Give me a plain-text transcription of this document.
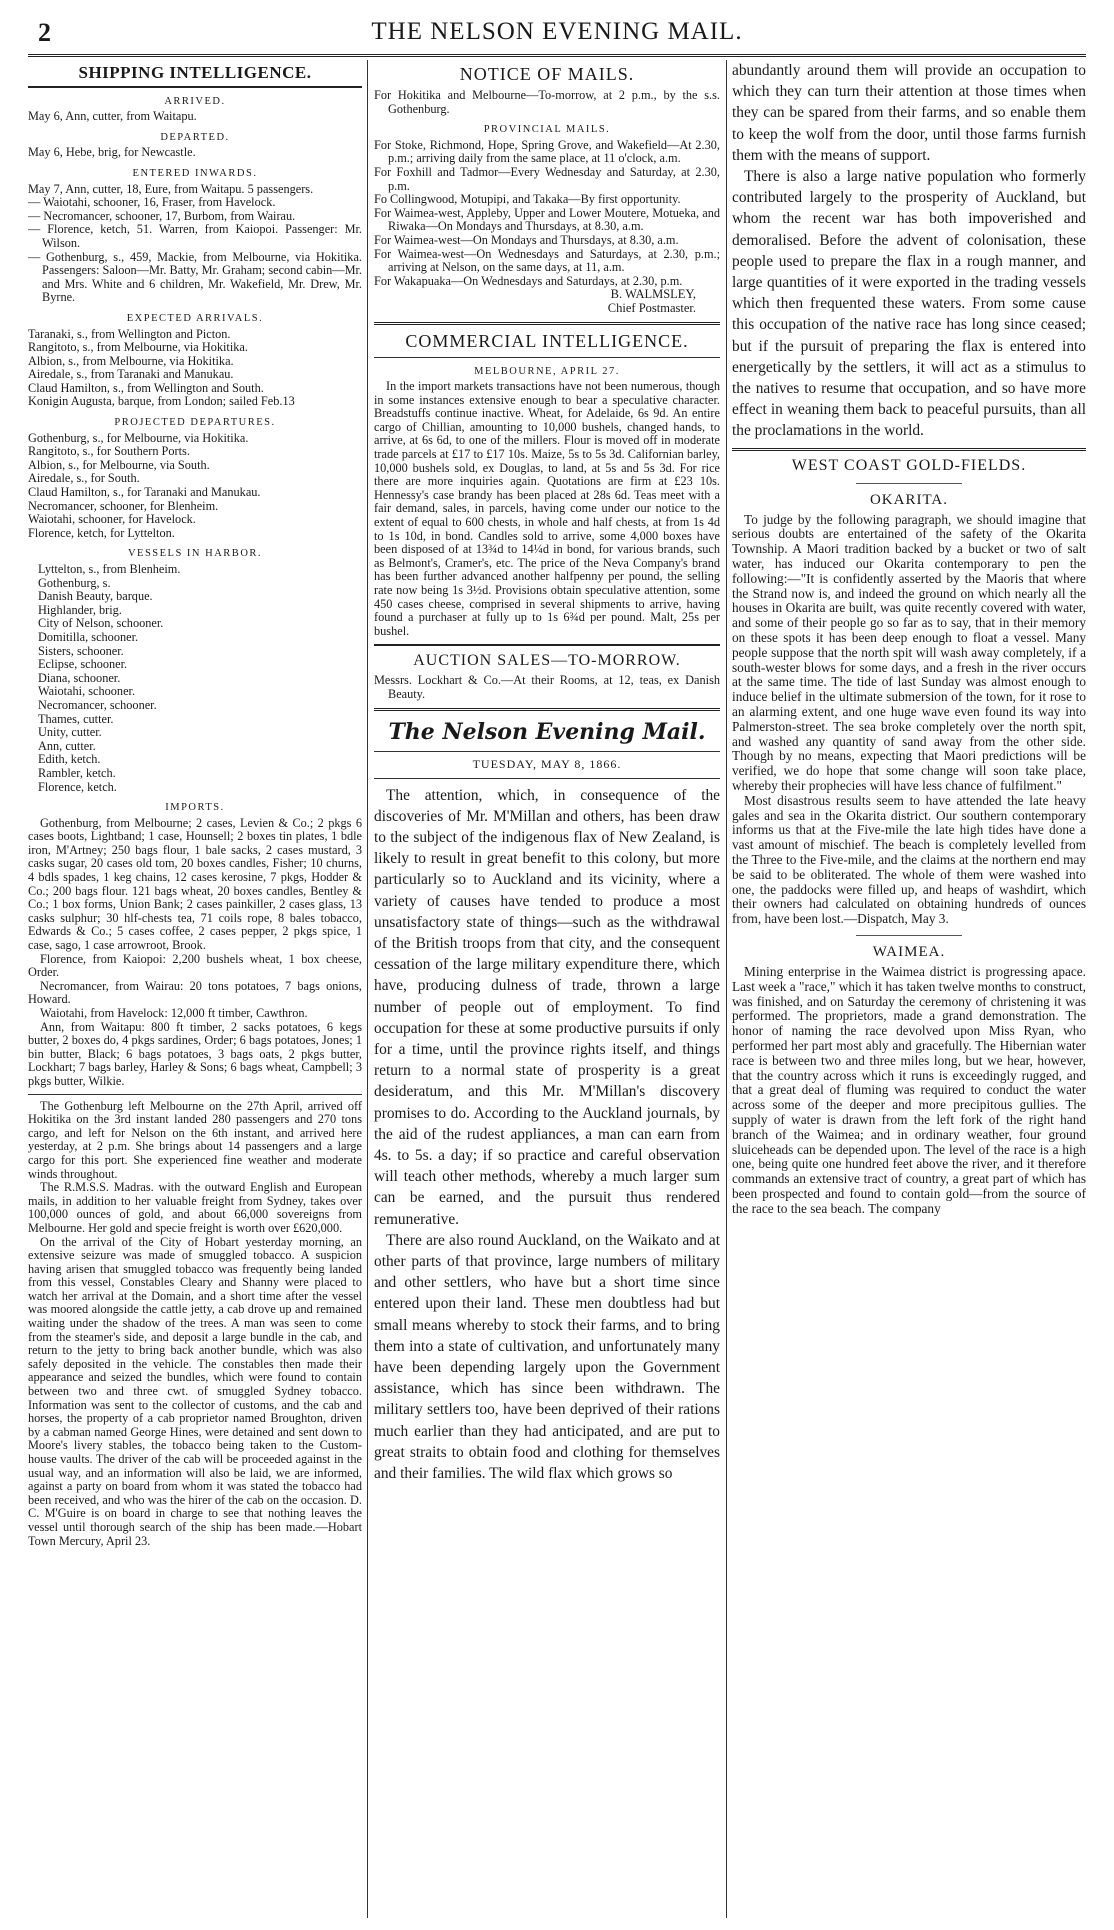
2	THE NELSON EVENING MAIL.
SHIPPING INTELLIGENCE.
ARRIVED.

May 6, Ann, cutter, from Waitapu.

DEPARTED.

May 6, Hebe, brig, for Newcastle.

ENTERED INWARDS.

May 7, Ann, cutter, 18, Eure, from Waitapu. 5 passengers.

— Waiotahi, schooner, 16, Fraser, from Havelock.

— Necromancer, schooner, 17, Burbom, from Wairau.

— Florence, ketch, 51. Warren, from Kaiopoi. Passenger: Mr. Wilson.

— Gothenburg, s., 459, Mackie, from Melbourne, via Hokitika. Passengers: Saloon—Mr. Batty, Mr. Graham; second cabin—Mr. and Mrs. White and 6 children, Mr. Wakefield, Mr. Drew, Mr. Byrne.

EXPECTED ARRIVALS.

Taranaki, s., from Wellington and Picton.

Rangitoto, s., from Melbourne, via Hokitika.

Albion, s., from Melbourne, via Hokitika.

Airedale, s., from Taranaki and Manukau.

Claud Hamilton, s., from Wellington and South.

Konigin Augusta, barque, from London; sailed Feb.13

PROJECTED DEPARTURES.

Gothenburg, s., for Melbourne, via Hokitika.

Rangitoto, s., for Southern Ports.

Albion, s., for Melbourne, via South.

Airedale, s., for South.

Claud Hamilton, s., for Taranaki and Manukau.

Necromancer, schooner, for Blenheim.

Waiotahi, schooner, for Havelock.

Florence, ketch, for Lyttelton.

VESSELS IN HARBOR.

Lyttelton, s., from Blenheim.

Gothenburg, s.

Danish Beauty, barque.

Highlander, brig.

City of Nelson, schooner.

Domitilla, schooner.

Sisters, schooner.

Eclipse, schooner.

Diana, schooner.

Waiotahi, schooner.

Necromancer, schooner.

Thames, cutter.

Unity, cutter.

Ann, cutter.

Edith, ketch.

Rambler, ketch.

Florence, ketch.

IMPORTS.

Gothenburg, from Melbourne; 2 cases, Levien & Co.; 2 pkgs 6 cases boots, Lightband; 1 case, Hounsell; 2 boxes tin plates, 1 bdle iron, M'Artney; 250 bags flour, 1 bale sacks, 2 cases mustard, 3 casks sugar, 20 cases old tom, 20 boxes candles, Fisher; 10 churns, 4 bdls spades, 1 keg chains, 12 cases kerosine, 7 pkgs, Hodder & Co.; 200 bags flour. 121 bags wheat, 20 boxes candles, Bentley & Co.; 1 box forms, Union Bank; 2 cases painkiller, 2 cases glass, 13 casks sulphur; 30 hlf-chests tea, 71 coils rope, 8 bales tobacco, Edwards & Co.; 5 cases coffee, 2 cases pepper, 2 pkgs spice, 1 case, sago, 1 case arrowroot, Brook.

Florence, from Kaiopoi: 2,200 bushels wheat, 1 box cheese, Order.

Necromancer, from Wairau: 20 tons potatoes, 7 bags onions, Howard.

Waiotahi, from Havelock: 12,000 ft timber, Cawthron.

Ann, from Waitapu: 800 ft timber, 2 sacks potatoes, 6 kegs butter, 2 boxes do, 4 pkgs sardines, Order; 6 bags potatoes, Jones; 1 bin butter, Black; 6 bags potatoes, 3 bags oats, 2 pkgs butter, Lockhart; 7 bags barley, Harley & Sons; 6 bags wheat, Campbell; 3 pkgs butter, Wilkie.

The Gothenburg left Melbourne on the 27th April, arrived off Hokitika on the 3rd instant landed 280 passengers and 270 tons cargo, and left for Nelson on the 6th instant, and arrived here yesterday, at 2 p.m. She brings about 14 passengers and a large cargo for this port. She experienced fine weather and moderate winds throughout.

The R.M.S.S. Madras. with the outward English and European mails, in addition to her valuable freight from Sydney, takes over 100,000 ounces of gold, and about 66,000 sovereigns from Melbourne. Her gold and specie freight is worth over £620,000.

On the arrival of the City of Hobart yesterday morning, an extensive seizure was made of smuggled tobacco. A suspicion having arisen that smuggled tobacco was frequently being landed from this vessel, Constables Cleary and Shanny were placed to watch her arrival at the Domain, and a short time after the vessel was moored alongside the cattle jetty, a cab drove up and remained waiting under the shadow of the trees. A man was seen to come from the steamer's side, and deposit a large bundle in the cab, and return to the jetty to bring back another bundle, which was also safely deposited in the vehicle. The constables then made their appearance and seized the bundles, which were found to contain between two and three cwt. of smuggled Sydney tobacco. Information was sent to the collector of customs, and the cab and horses, the property of a cab proprietor named Broughton, driven by a cabman named George Hines, were detained and sent down to Moore's livery stables, the tobacco being taken to the Custom-house vaults. The driver of the cab will be proceeded against in the usual way, and an information will also be laid, we are informed, against a party on board from whom it was stated the tobacco had been received, and who was the hirer of the cab on the occasion. D. C. M'Guire is on board in charge to see that nothing leaves the vessel until thorough search of the ship has been made.—Hobart Town Mercury, April 23.

NOTICE OF MAILS.

For Hokitika and Melbourne—To-morrow, at 2 p.m., by the s.s. Gothenburg.

PROVINCIAL MAILS.

For Stoke, Richmond, Hope, Spring Grove, and Wakefield—At 2.30, p.m.; arriving daily from the same place, at 11 o'clock, a.m.

For Foxhill and Tadmor—Every Wednesday and Saturday, at 2.30, p.m.

Fo Collingwood, Motupipi, and Takaka—By first opportunity.

For Waimea-west, Appleby, Upper and Lower Moutere, Motueka, and Riwaka—On Mondays and Thursdays, at 8.30, a.m.

For Waimea-west—On Mondays and Thursdays, at 8.30, a.m.

For Waimea-west—On Wednesdays and Saturdays, at 2.30, p.m.; arriving at Nelson, on the same days, at 11, a.m.

For Wakapuaka—On Wednesdays and Saturdays, at 2.30, p.m.

B. WALMSLEY,
Chief Postmaster.
COMMERCIAL INTELLIGENCE.
MELBOURNE, APRIL 27.

In the import markets transactions have not been numerous, though in some instances extensive enough to bear a speculative character. Breadstuffs continue inactive. Wheat, for Adelaide, 6s 9d. An entire cargo of Chillian, amounting to 10,000 bushels, changed hands, to arrive, at 6s 6d, to one of the millers. Flour is moved off in moderate trade parcels at £17 to £17 10s. Maize, 5s to 5s 3d. Californian barley, 10,000 bushels sold, ex Douglas, to land, at 5s and 5s 3d. For rice there are more inquiries again. Quotations are firm at £23 10s. Hennessy's case brandy has been placed at 28s 6d. Teas meet with a fair demand, sales, in parcels, having come under our notice to the extent of equal to 600 chests, in whole and half chests, at from 1s 4d to 1s 10d, in bond. Candles sold to arrive, some 4,000 boxes have been disposed of at 13¾d to 14¼d in bond, for various brands, such as Belmont's, Cramer's, etc. The price of the Neva Company's brand has been further advanced another halfpenny per pound, the selling rate now being 1s 3½d. Provisions obtain speculative attention, some 450 cases cheese, comprised in several shipments to arrive, having found a purchaser at fully up to 1s 6¾d per pound. Malt, 25s per bushel.

AUCTION SALES—TO-MORROW.

Messrs. Lockhart & Co.—At their Rooms, at 12, teas, ex Danish Beauty.

The Nelson Evening Mail.
TUESDAY, MAY 8, 1866.

The attention, which, in consequence of the discoveries of Mr. M'Millan and others, has been draw to the subject of the indigenous flax of New Zealand, is likely to result in great benefit to this colony, but more particularly so to Auckland and its vicinity, where a variety of causes have tended to produce a most unsatisfactory state of things—such as the withdrawal of the British troops from that city, and the consequent cessation of the large military expenditure there, which have, producing dulness of trade, thrown a large number of people out of employment. To find occupation for these at some productive pursuits if only for a time, until the province rights itself, and things return to a normal state of prosperity is a great desideratum, and this Mr. M'Millan's discovery promises to do. According to the Auckland journals, by the aid of the rudest appliances, a man can earn from 4s. to 5s. a day; if so practice and careful observation will teach other methods, whereby a much larger sum can be earned, and the pursuit thus rendered remunerative.

There are also round Auckland, on the Waikato and at other parts of that province, large numbers of military and other settlers, who have but a short time since entered upon their land. These men doubtless had but small means whereby to stock their farms, and to bring them into a state of cultivation, and unfortunately many have been depending largely upon the Government assistance, which has since been withdrawn. The military settlers too, have been deprived of their rations much earlier than they had anticipated, and are put to great straits to obtain food and clothing for themselves and their families. The wild flax which grows so

abundantly around them will provide an occupation to which they can turn their attention at those times when they can be spared from their farms, and so enable them to keep the wolf from the door, until those farms furnish them with the means of support.

There is also a large native population who formerly contributed largely to the prosperity of Auckland, but whom the recent war has both impoverished and demoralised. Before the advent of colonisation, these people used to prepare the flax in a rough manner, and large quantities of it were exported in the trading vessels which then frequented these waters. From some cause this occupation of the native race has long since ceased; but if the pursuit of preparing the flax is entered into energetically by the settlers, it will act as a stimulus to the natives to resume that occupation, and so have more effect in weaning them back to peaceful pursuits, than all the proclamations in the world.

WEST COAST GOLD-FIELDS.
OKARITA.

To judge by the following paragraph, we should imagine that serious doubts are entertained of the safety of the Okarita Township. A Maori tradition backed by a bucket or two of salt water, has induced our Okarita contemporary to pen the following:—"It is confidently asserted by the Maoris that where the Strand now is, and indeed the ground on which nearly all the houses in Okarita are built, was quite recently covered with water, and some of their people go so far as to say, that in their memory on these spots it has been deep enough to float a vessel. Many people suppose that the north spit will wash away completely, if a south-wester blows for some days, and a fresh in the river occurs at the same time. The tide of last Sunday was almost enough to induce belief in the ultimate submersion of the town, for it rose to an alarming extent, and one huge wave even found its way into Palmerston-street. The sea broke completely over the north spit, and washed any quantity of sand away from the other side. Though by no means, expecting that Maori predictions will be verified, we do hope that some change will soon take place, whereby their prophecies will have less chance of fulfilment."

Most disastrous results seem to have attended the late heavy gales and sea in the Okarita district. Our southern contemporary informs us that at the Five-mile the late high tides have done a vast amount of mischief. The beach is completely levelled from the Three to the Five-mile, and the claims at the northern end may be said to be obliterated. The whole of them were washed into one, the paddocks were filled up, and heaps of washdirt, which their owners had calculated on obtaining hundreds of ounces from, have been lost.—Dispatch, May 3.

WAIMEA.

Mining enterprise in the Waimea district is progressing apace. Last week a "race," which it has taken twelve months to construct, was finished, and on Saturday the ceremony of christening it was performed. The proprietors, made a grand demonstration. The honor of naming the race devolved upon Miss Ryan, who performed her part most ably and gracefully. The Hibernian water race is between two and three miles long, but we hear, however, that the country across which it runs is exceedingly rugged, and that a great deal of fluming was required to conduct the water across some of the deeper and more precipitous gullies. The supply of water is drawn from the left fork of the right hand branch of the Waimea; and in ordinary weather, four ground sluiceheads can be depended upon. The level of the race is a high one, being quite one hundred feet above the river, and it therefore commands an extensive tract of country, a great part of which has been prospected and found to contain gold—from the source of the race to the sea beach. The company
